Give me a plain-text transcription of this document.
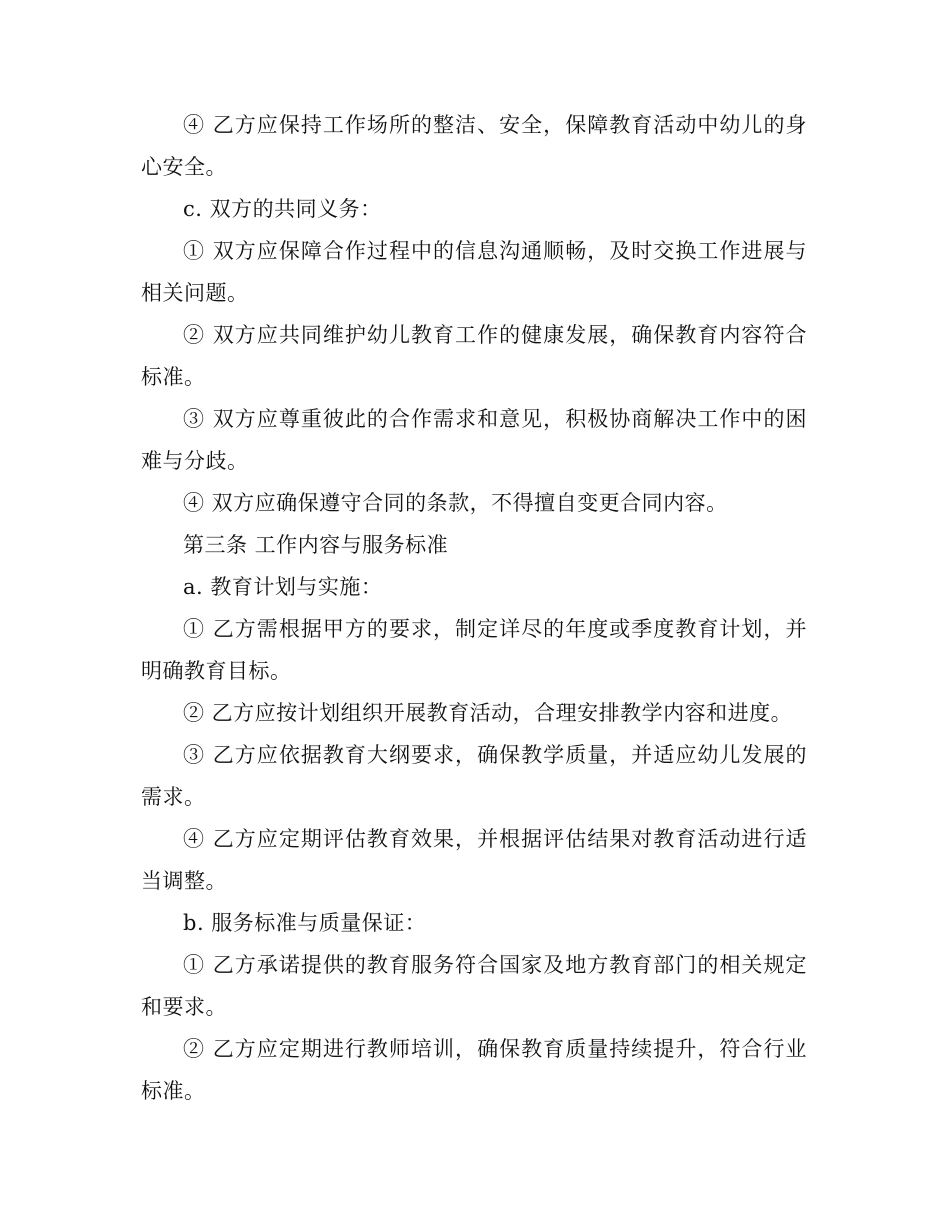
④ 乙方应保持工作场所的整洁、安全，保障教育活动中幼儿的身心安全。

c. 双方的共同义务：

① 双方应保障合作过程中的信息沟通顺畅，及时交换工作进展与相关问题。

② 双方应共同维护幼儿教育工作的健康发展，确保教育内容符合标准。

③ 双方应尊重彼此的合作需求和意见，积极协商解决工作中的困难与分歧。

④ 双方应确保遵守合同的条款，不得擅自变更合同内容。

第三条 工作内容与服务标准

a. 教育计划与实施：

① 乙方需根据甲方的要求，制定详尽的年度或季度教育计划，并明确教育目标。

② 乙方应按计划组织开展教育活动，合理安排教学内容和进度。

③ 乙方应依据教育大纲要求，确保教学质量，并适应幼儿发展的需求。

④ 乙方应定期评估教育效果，并根据评估结果对教育活动进行适当调整。

b. 服务标准与质量保证：

① 乙方承诺提供的教育服务符合国家及地方教育部门的相关规定和要求。

② 乙方应定期进行教师培训，确保教育质量持续提升，符合行业标准。
